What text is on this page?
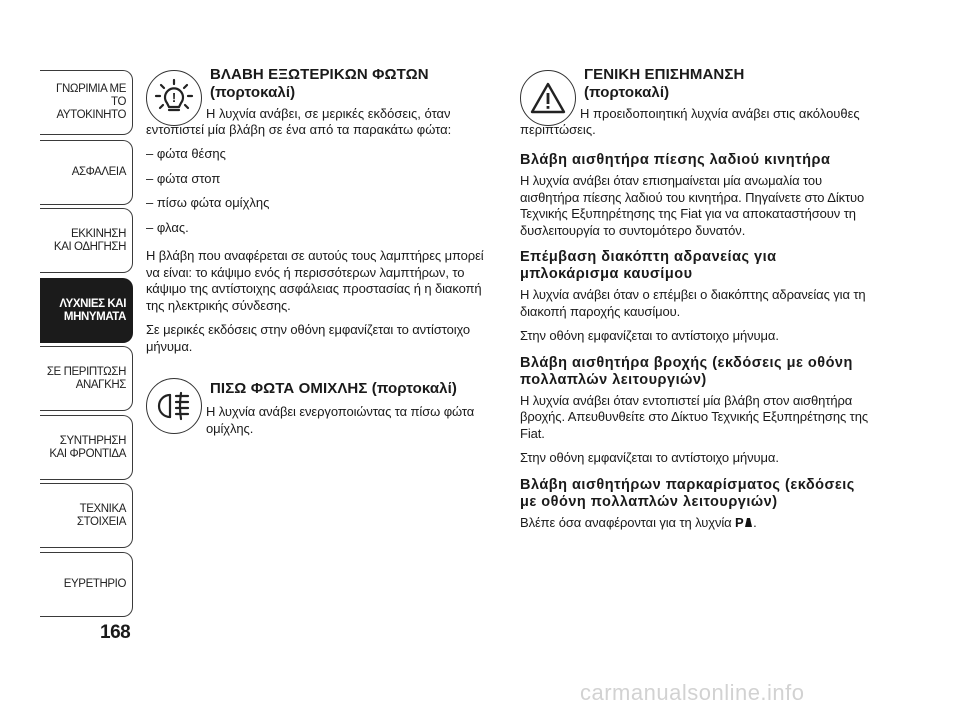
ΓΝΩΡΙΜΙΑ ΜΕ
ΤΟ ΑΥΤΟΚΙΝΗΤΟ
ΑΣΦΑΛΕΙΑ
ΕΚΚΙΝΗΣΗ
ΚΑΙ ΟΔΗΓΗΣΗ
ΛΥΧΝΙΕΣ ΚΑΙ
ΜΗΝΥΜΑΤΑ
ΣΕ ΠΕΡΙΠΤΩΣΗ
ΑΝΑΓΚΗΣ
ΣΥΝΤΗΡΗΣΗ
ΚΑΙ ΦΡΟΝΤΙΔΑ
ΤΕΧΝΙΚΑ
ΣΤΟΙΧΕΙΑ
ΕΥΡΕΤΗΡΙΟ
168
!
ΒΛΑΒΗ ΕΞΩΤΕΡΙΚΩΝ ΦΩΤΩΝ
(πορτοκαλί)
Η λυχνία ανάβει, σε μερικές εκδόσεις, όταν
εντοπιστεί μία βλάβη σε ένα από τα παρακάτω φώτα:
– φώτα θέσης
– φώτα στοπ
– πίσω φώτα ομίχλης
– φλας.

Η βλάβη που αναφέρεται σε αυτούς τους λαμπτήρες μπορεί να είναι: το κάψιμο ενός ή περισσότερων λαμπτήρων, το κάψιμο της αντίστοιχης ασφάλειας προστασίας ή η διακοπή της ηλεκτρικής σύνδεσης.

Σε μερικές εκδόσεις στην οθόνη εμφανίζεται το αντίστοιχο μήνυμα.

ΠΙΣΩ ΦΩΤΑ ΟΜΙΧΛΗΣ (πορτοκαλί)

Η λυχνία ανάβει ενεργοποιώντας τα πίσω φώτα ομίχλης.

ΓΕΝΙΚΗ ΕΠΙΣΗΜΑΝΣΗ
(πορτοκαλί)
Η προειδοποιητική λυχνία ανάβει στις ακόλουθες
περιπτώσεις.
Βλάβη αισθητήρα πίεσης λαδιού κινητήρα

Η λυχνία ανάβει όταν επισημαίνεται μία ανωμαλία του αισθητήρα πίεσης λαδιού του κινητήρα. Πηγαίνετε στο Δίκτυο Τεχνικής Εξυπηρέτησης της Fiat για να αποκαταστήσουν τη δυσλειτουργία το συντομότερο δυνατόν.

Επέμβαση διακόπτη αδρανείας για μπλοκάρισμα καυσίμου

Η λυχνία ανάβει όταν ο επέμβει ο διακόπτης αδρανείας για τη διακοπή παροχής καυσίμου.

Στην οθόνη εμφανίζεται το αντίστοιχο μήνυμα.

Βλάβη αισθητήρα βροχής (εκδόσεις με οθόνη πολλαπλών λειτουργιών)

Η λυχνία ανάβει όταν εντοπιστεί μία βλάβη στον αισθητήρα βροχής. Απευθυνθείτε στο Δίκτυο Τεχνικής Εξυπηρέτησης της Fiat.

Στην οθόνη εμφανίζεται το αντίστοιχο μήνυμα.

Βλάβη αισθητήρων παρκαρίσματος (εκδόσεις με οθόνη πολλαπλών λειτουργιών)

Βλέπε όσα αναφέρονται για τη λυχνία P .

carmanualsonline.info
